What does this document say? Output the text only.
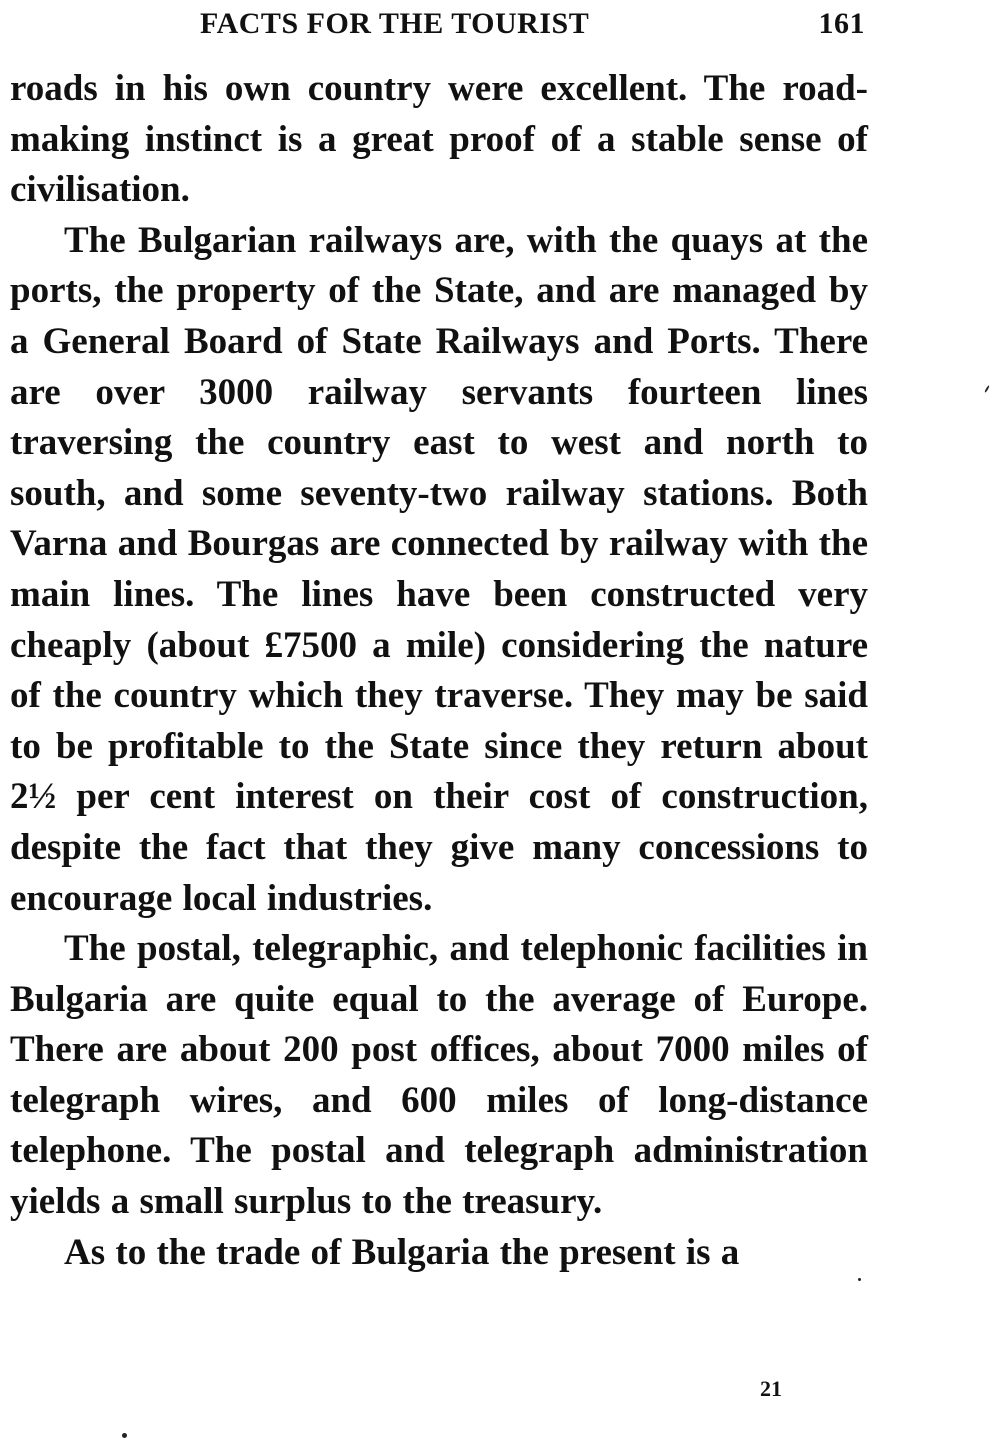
FACTS FOR THE TOURIST	161

roads in his own country were excellent. The road-making instinct is a great proof of a stable sense of civilisation.

The Bulgarian railways are, with the quays at the ports, the property of the State, and are managed by a General Board of State Railways and Ports. There are over 3000 railway servants fourteen lines traversing the country east to west and north to south, and some seventy-two railway stations. Both Varna and Bourgas are connected by railway with the main lines. The lines have been constructed very cheaply (about £7500 a mile) considering the nature of the country which they traverse. They may be said to be profitable to the State since they return about 2½ per cent interest on their cost of construction, despite the fact that they give many concessions to encourage local industries.

The postal, telegraphic, and telephonic facilities in Bulgaria are quite equal to the average of Europe. There are about 200 post offices, about 7000 miles of telegraph wires, and 600 miles of long-distance telephone. The postal and telegraph administration yields a small surplus to the treasury.

As to the trade of Bulgaria the present is a

21
